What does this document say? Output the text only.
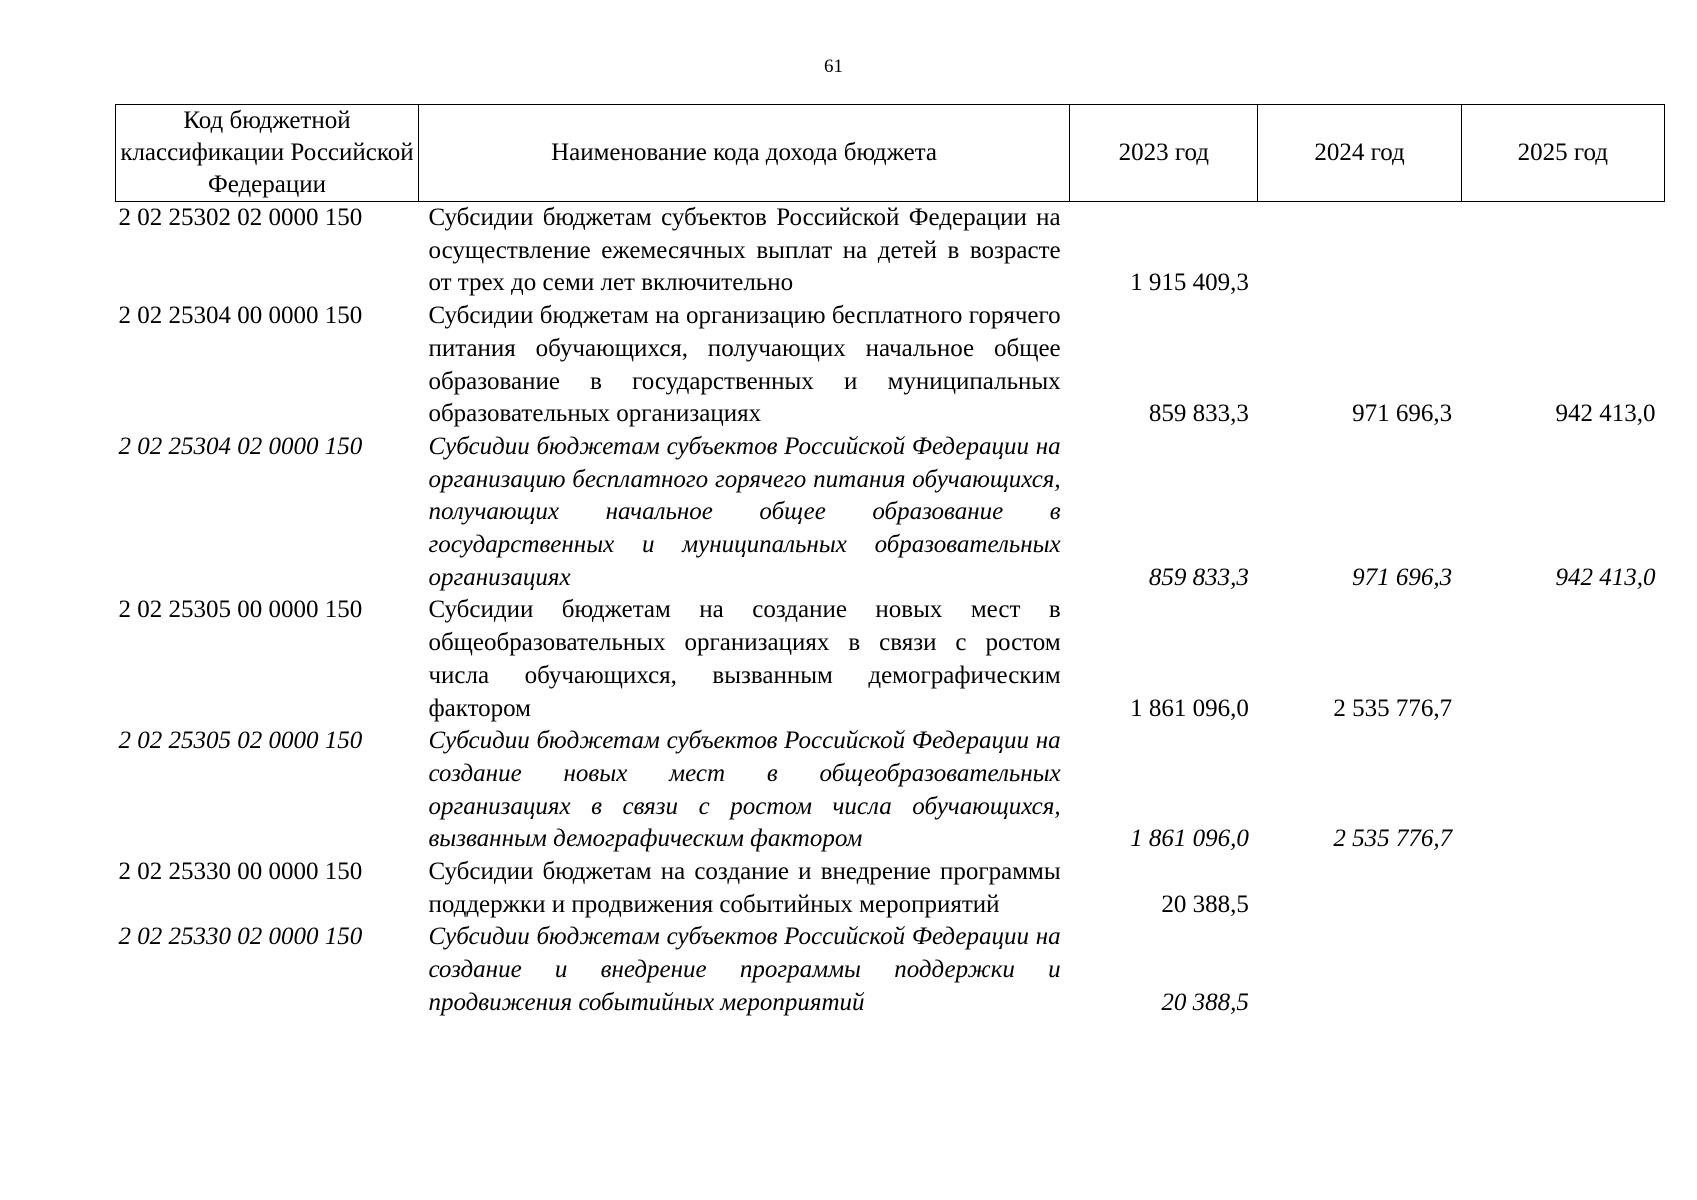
61
Код бюджетной классификации Российской Федерации	Наименование кода дохода бюджета	2023 год	2024 год	2025 год
2 02 25302 02 0000 150	Субсидии бюджетам субъектов Российской Федерации на осуществление ежемесячных выплат на детей в возрасте от трех до семи лет включительно	1 915 409,3		
2 02 25304 00 0000 150	Субсидии бюджетам на организацию бесплатного горячего питания обучающихся, получающих начальное общее образование в государственных и муниципальных образовательных организациях	859 833,3	971 696,3	942 413,0
2 02 25304 02 0000 150	Субсидии бюджетам субъектов Российской Федерации на организацию бесплатного горячего питания обучающихся, получающих начальное общее образование в государственных и муниципальных образовательных организациях	859 833,3	971 696,3	942 413,0
2 02 25305 00 0000 150	Субсидии бюджетам на создание новых мест в общеобразовательных организациях в связи с ростом числа обучающихся, вызванным демографическим фактором	1 861 096,0	2 535 776,7	
2 02 25305 02 0000 150	Субсидии бюджетам субъектов Российской Федерации на создание новых мест в общеобразовательных организациях в связи с ростом числа обучающихся, вызванным демографическим фактором	1 861 096,0	2 535 776,7	
2 02 25330 00 0000 150	Субсидии бюджетам на создание и внедрение программы поддержки и продвижения событийных мероприятий	20 388,5		
2 02 25330 02 0000 150	Субсидии бюджетам субъектов Российской Федерации на создание и внедрение программы поддержки и продвижения событийных мероприятий	20 388,5		
